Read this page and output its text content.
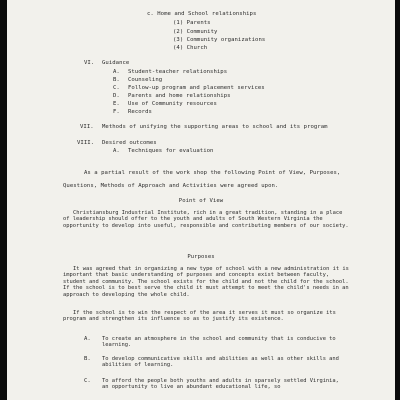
c. Home and School relationships
(1) Parents
(2) Community
(3) Community organizations
(4) Church
VI. Guidance
A. Student-teacher relationships
B. Counseling
C. Follow-up program and placement services
D. Parents and home relationships
E. Use of Community resources
F. Records
VII. Methods of unifying the supporting areas to school and its program
VIII. Desired outcomes
A. Techniques for evaluation
As a partial result of the work shop the following Point of View, Purposes,
Questions, Methods of Approach and Activities were agreed upon.
Point of View
Christiansburg Industrial Institute, rich in a great tradition, standing in a place of leadership should offer to the youth and adults of South Western Virginia the opportunity to develop into useful, responsible and contributing members of our society.
Purposes
It was agreed that in organizing a new type of school with a new administration it is important that basic understanding of purposes and concepts exist between faculty, student and community. The school exists for the child and not the child for the school. If the school is to best serve the child it must attempt to meet the child's needs in an approach to developing the whole child.
If the school is to win the respect of the area it serves it must so organize its program and strengthen its influence so as to justify its existence.
A. To create an atmosphere in the school and community that is conducive to learning.
B. To develop communicative skills and abilities as well as other skills and abilities of learning.
C. To afford the people both youths and adults in sparsely settled Virginia, an opportunity to live an abundant educational life, so
